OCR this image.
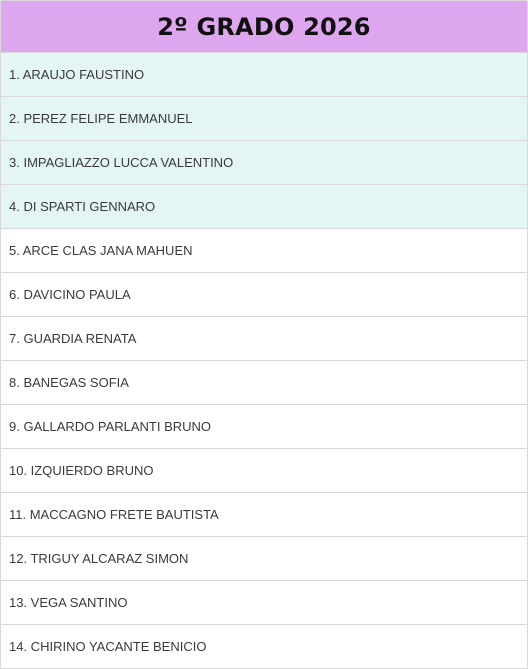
2º GRADO 2026
1. ARAUJO FAUSTINO
2. PEREZ FELIPE EMMANUEL
3. IMPAGLIAZZO LUCCA VALENTINO
4. DI SPARTI GENNARO
5. ARCE CLAS JANA MAHUEN
6. DAVICINO PAULA
7. GUARDIA RENATA
8. BANEGAS SOFIA
9. GALLARDO PARLANTI BRUNO
10. IZQUIERDO BRUNO
11. MACCAGNO FRETE BAUTISTA
12. TRIGUY ALCARAZ SIMON
13. VEGA SANTINO
14. CHIRINO YACANTE BENICIO
